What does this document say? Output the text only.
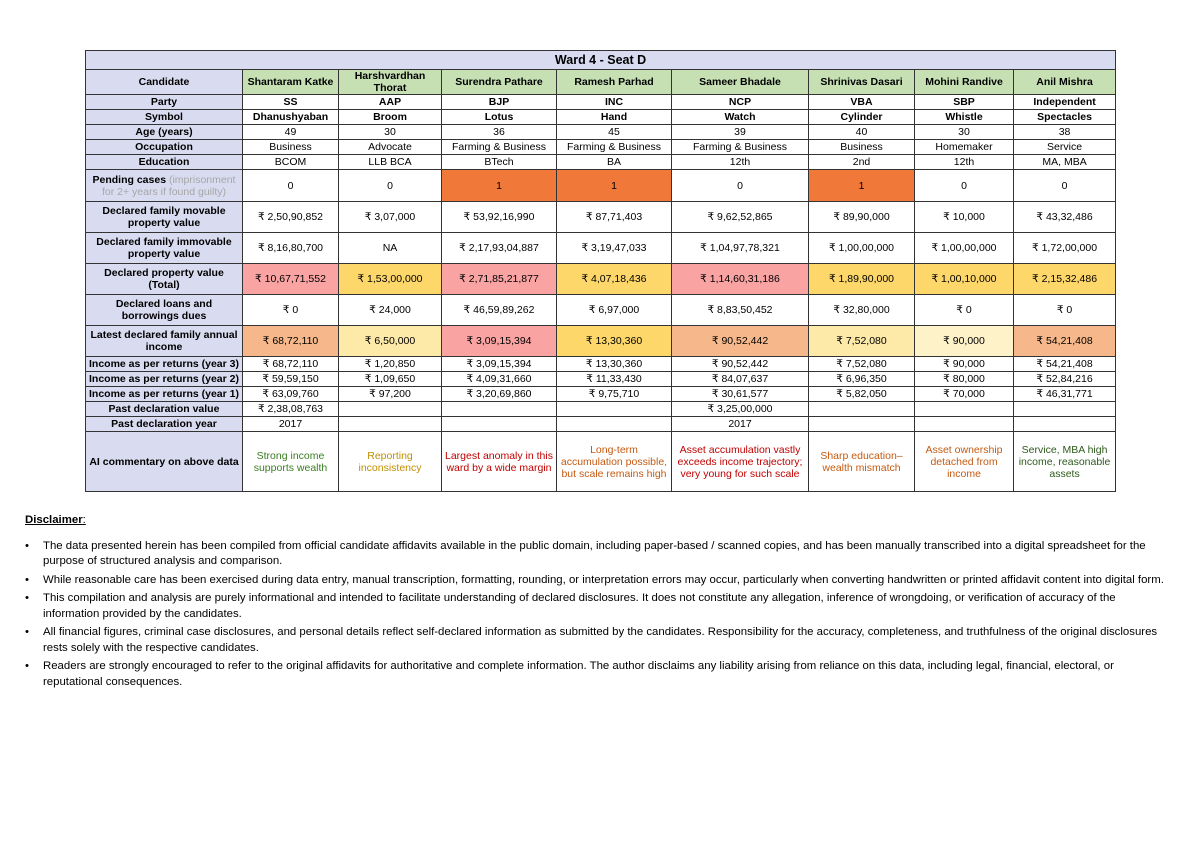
Ward 4 - Seat D								
Candidate	Shantaram Katke	Harshvardhan Thorat	Surendra Pathare	Ramesh Parhad	Sameer Bhadale	Shrinivas Dasari	Mohini Randive	Anil Mishra
Party	SS	AAP	BJP	INC	NCP	VBA	SBP	Independent
Symbol	Dhanushyaban	Broom	Lotus	Hand	Watch	Cylinder	Whistle	Spectacles
Age (years)	49	30	36	45	39	40	30	38
Occupation	Business	Advocate	Farming & Business	Farming & Business	Farming & Business	Business	Homemaker	Service
Education	BCOM	LLB BCA	BTech	BA	12th	2nd	12th	MA, MBA
Pending cases (imprisonment for 2+ years if found guilty)	0	0	1	1	0	1	0	0
Declared family movable property value	₹ 2,50,90,852	₹ 3,07,000	₹ 53,92,16,990	₹ 87,71,403	₹ 9,62,52,865	₹ 89,90,000	₹ 10,000	₹ 43,32,486
Declared family immovable property value	₹ 8,16,80,700	NA	₹ 2,17,93,04,887	₹ 3,19,47,033	₹ 1,04,97,78,321	₹ 1,00,00,000	₹ 1,00,00,000	₹ 1,72,00,000
Declared property value (Total)	₹ 10,67,71,552	₹ 1,53,00,000	₹ 2,71,85,21,877	₹ 4,07,18,436	₹ 1,14,60,31,186	₹ 1,89,90,000	₹ 1,00,10,000	₹ 2,15,32,486
Declared loans and borrowings dues	₹ 0	₹ 24,000	₹ 46,59,89,262	₹ 6,97,000	₹ 8,83,50,452	₹ 32,80,000	₹ 0	₹ 0
Latest declared family annual income	₹ 68,72,110	₹ 6,50,000	₹ 3,09,15,394	₹ 13,30,360	₹ 90,52,442	₹ 7,52,080	₹ 90,000	₹ 54,21,408
Income as per returns (year 3)	₹ 68,72,110	₹ 1,20,850	₹ 3,09,15,394	₹ 13,30,360	₹ 90,52,442	₹ 7,52,080	₹ 90,000	₹ 54,21,408
Income as per returns (year 2)	₹ 59,59,150	₹ 1,09,650	₹ 4,09,31,660	₹ 11,33,430	₹ 84,07,637	₹ 6,96,350	₹ 80,000	₹ 52,84,216
Income as per returns (year 1)	₹ 63,09,760	₹ 97,200	₹ 3,20,69,860	₹ 9,75,710	₹ 30,61,577	₹ 5,82,050	₹ 70,000	₹ 46,31,771
Past declaration value	₹ 2,38,08,763				₹ 3,25,00,000			
Past declaration year	2017				2017			
AI commentary on above data	Strong income supports wealth	Reporting inconsistency	Largest anomaly in this ward by a wide margin	Long-term accumulation possible, but scale remains high	Asset accumulation vastly exceeds income trajectory; very young for such scale	Sharp education–wealth mismatch	Asset ownership detached from income	Service, MBA high income, reasonable assets

Disclaimer:

• The data presented herein has been compiled from official candidate affidavits available in the public domain, including paper-based / scanned copies, and has been manually transcribed into a digital spreadsheet for the purpose of structured analysis and comparison.
• While reasonable care has been exercised during data entry, manual transcription, formatting, rounding, or interpretation errors may occur, particularly when converting handwritten or printed affidavit content into digital form.
• This compilation and analysis are purely informational and intended to facilitate understanding of declared disclosures. It does not constitute any allegation, inference of wrongdoing, or verification of accuracy of the information provided by the candidates.
• All financial figures, criminal case disclosures, and personal details reflect self-declared information as submitted by the candidates. Responsibility for the accuracy, completeness, and truthfulness of the original disclosures rests solely with the respective candidates.
• Readers are strongly encouraged to refer to the original affidavits for authoritative and complete information. The author disclaims any liability arising from reliance on this data, including legal, financial, electoral, or reputational consequences.
